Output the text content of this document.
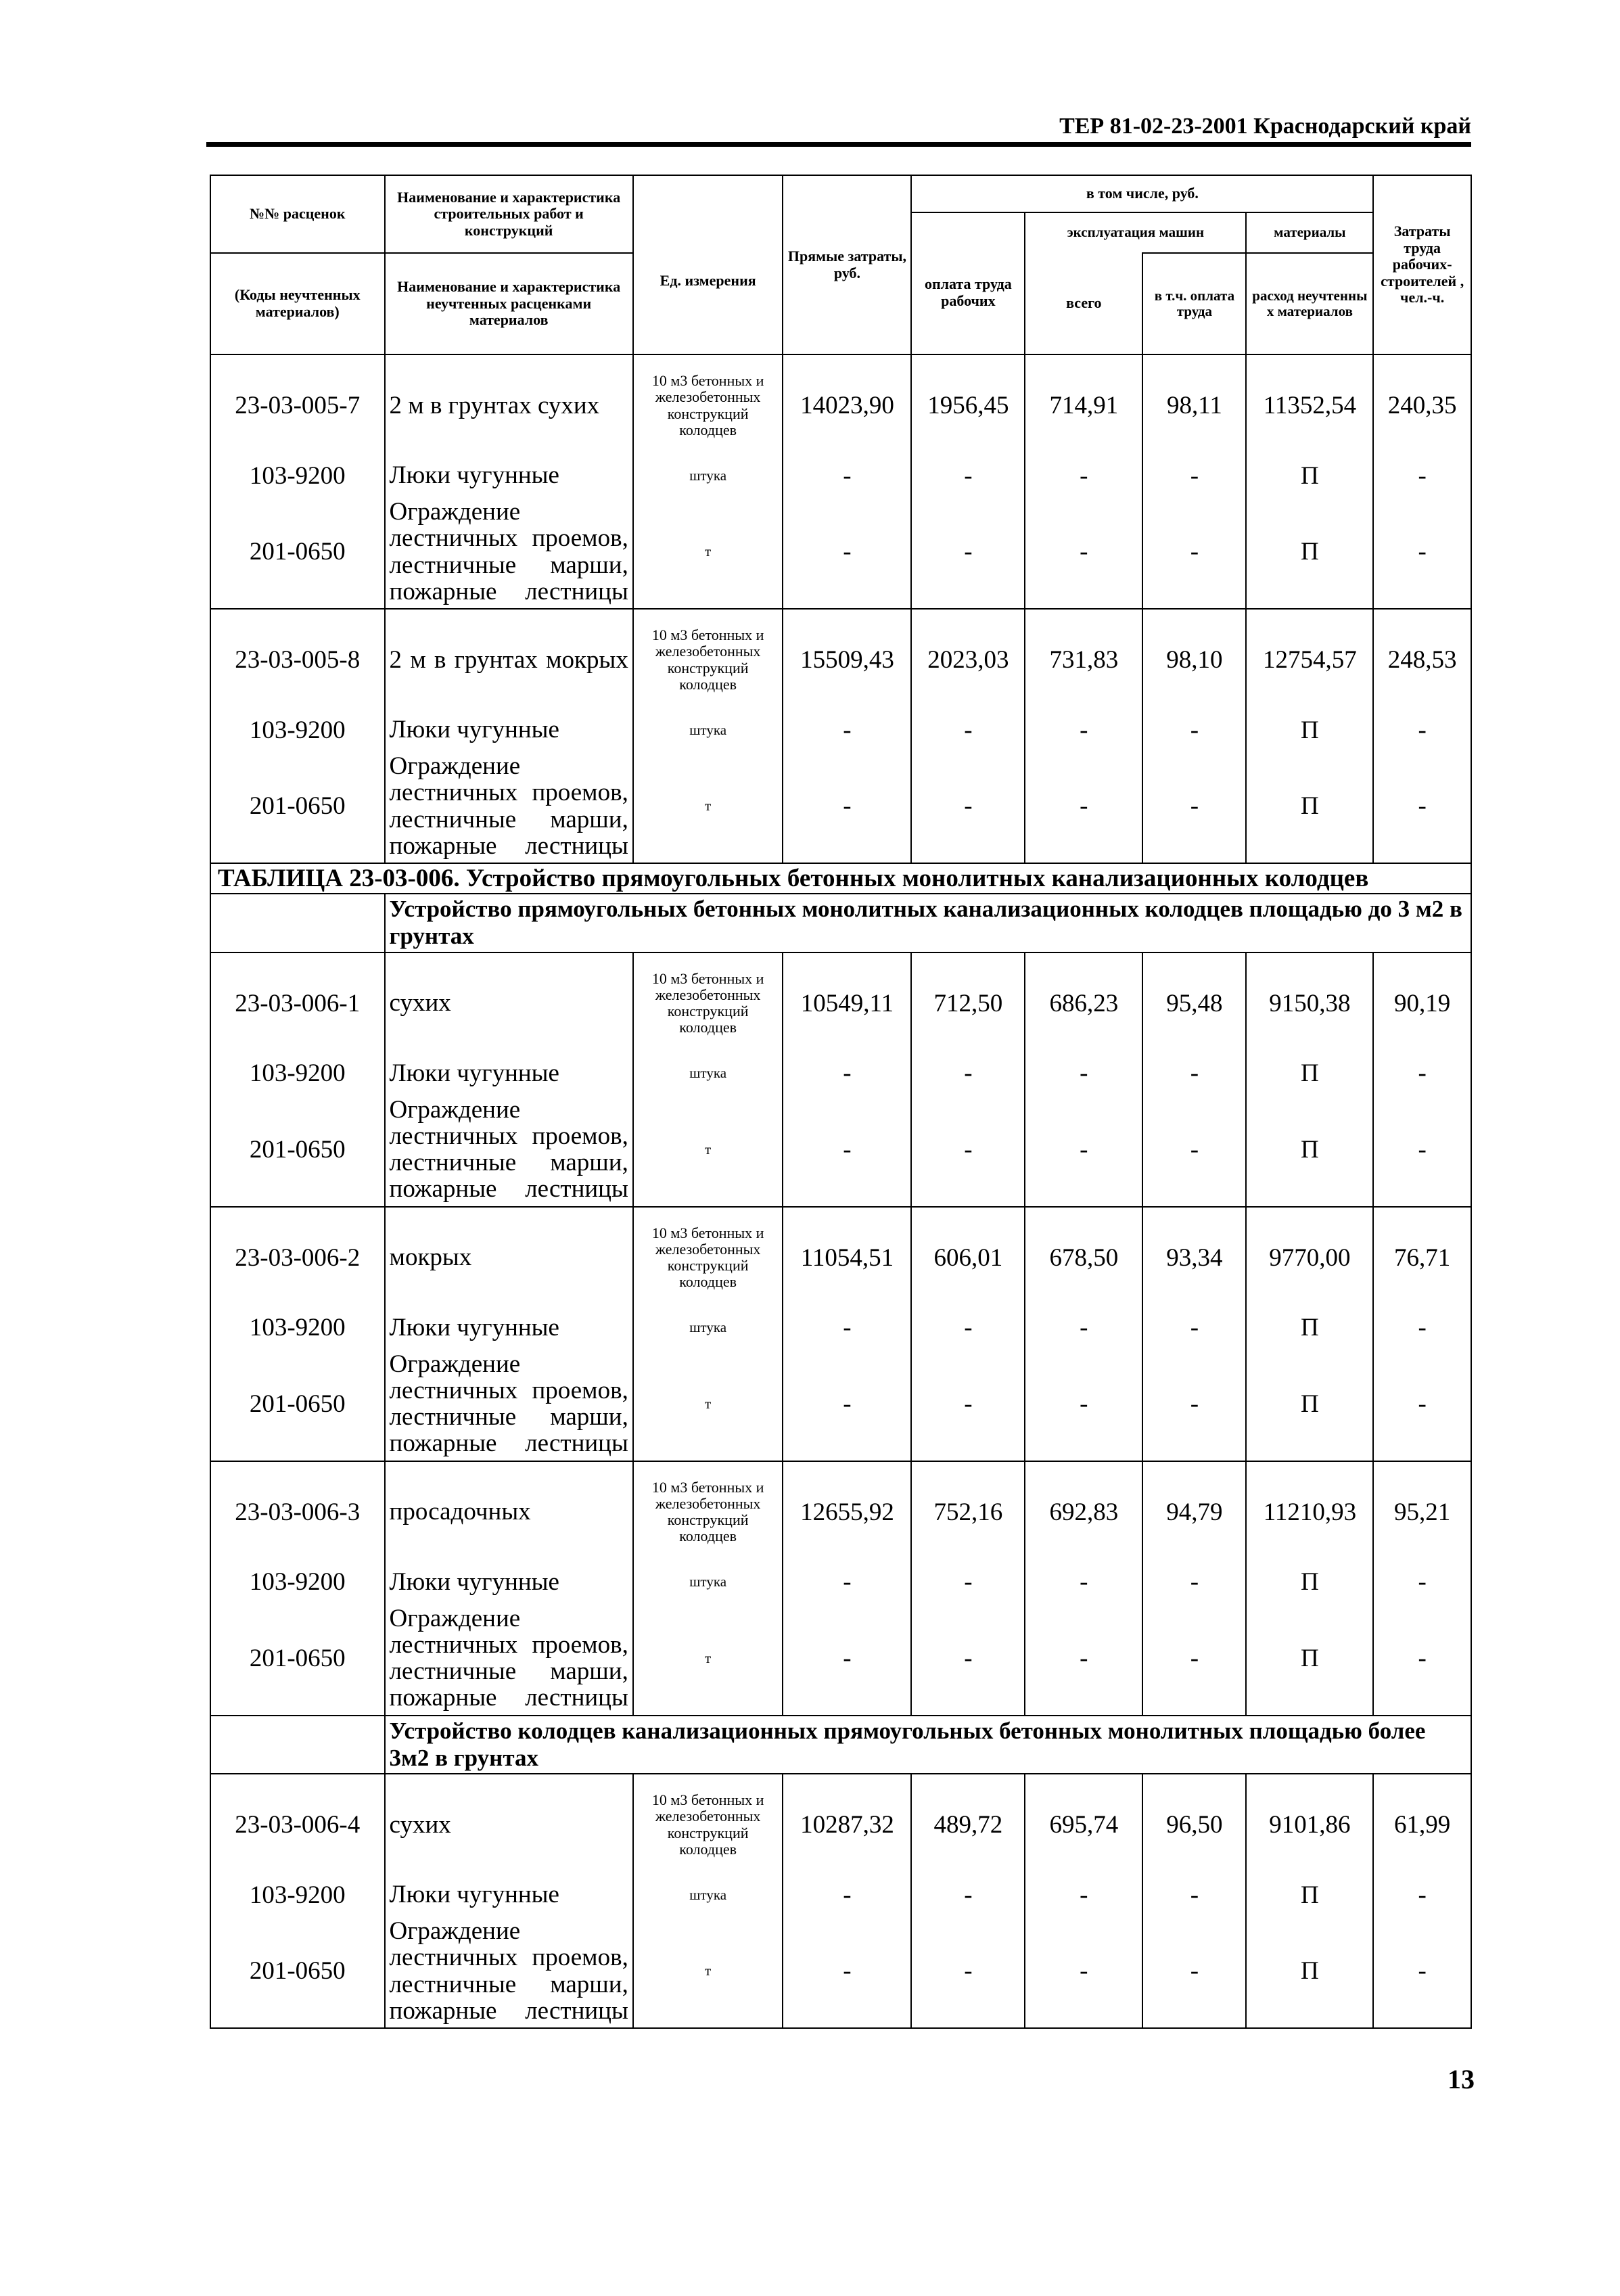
ТЕР 81-02-23-2001 Краснодарский край
№№ расценок	Наименование и характеристика строительных работ и конструкций	Ед. измерения	Прямые затраты, руб.	в том числе, руб.				Затраты труда рабочих-строителей , чел.-ч.
				оплата труда рабочих	эксплуатация машин		материалы	
(Коды неучтенных материалов)	Наименование и характеристика неучтенных расценками материалов				всего	в т.ч. оплата труда	расход неучтенны х материалов	

23-03-005-7	2 м в грунтах сухих	10 м3 бетонных и железобетонных конструкций колодцев	14023,90	1956,45	714,91	98,11	11352,54	240,35
103-9200	Люки чугунные	штука	-	-	-	-	П	-
201-0650	Ограждение лестничных проемов, лестничные марши, пожарные лестницы	т	-	-	-	-	П	-
23-03-005-8	2 м в грунтах мокрых	10 м3 бетонных и железобетонных конструкций колодцев	15509,43	2023,03	731,83	98,10	12754,57	248,53
103-9200	Люки чугунные	штука	-	-	-	-	П	-
201-0650	Ограждение лестничных проемов, лестничные марши, пожарные лестницы	т	-	-	-	-	П	-
ТАБЛИЦА 23-03-006. Устройство прямоугольных бетонных монолитных канализационных колодцев								
	Устройство прямоугольных бетонных монолитных канализационных колодцев площадью до 3 м2 в грунтах							
23-03-006-1	сухих	10 м3 бетонных и железобетонных конструкций колодцев	10549,11	712,50	686,23	95,48	9150,38	90,19
103-9200	Люки чугунные	штука	-	-	-	-	П	-
201-0650	Ограждение лестничных проемов, лестничные марши, пожарные лестницы	т	-	-	-	-	П	-
23-03-006-2	мокрых	10 м3 бетонных и железобетонных конструкций колодцев	11054,51	606,01	678,50	93,34	9770,00	76,71
103-9200	Люки чугунные	штука	-	-	-	-	П	-
201-0650	Ограждение лестничных проемов, лестничные марши, пожарные лестницы	т	-	-	-	-	П	-
23-03-006-3	просадочных	10 м3 бетонных и железобетонных конструкций колодцев	12655,92	752,16	692,83	94,79	11210,93	95,21
103-9200	Люки чугунные	штука	-	-	-	-	П	-
201-0650	Ограждение лестничных проемов, лестничные марши, пожарные лестницы	т	-	-	-	-	П	-
	Устройство колодцев канализационных прямоугольных бетонных монолитных площадью более 3м2 в грунтах							
23-03-006-4	сухих	10 м3 бетонных и железобетонных конструкций колодцев	10287,32	489,72	695,74	96,50	9101,86	61,99
103-9200	Люки чугунные	штука	-	-	-	-	П	-
201-0650	Ограждение лестничных проемов, лестничные марши, пожарные лестницы	т	-	-	-	-	П	-
13
